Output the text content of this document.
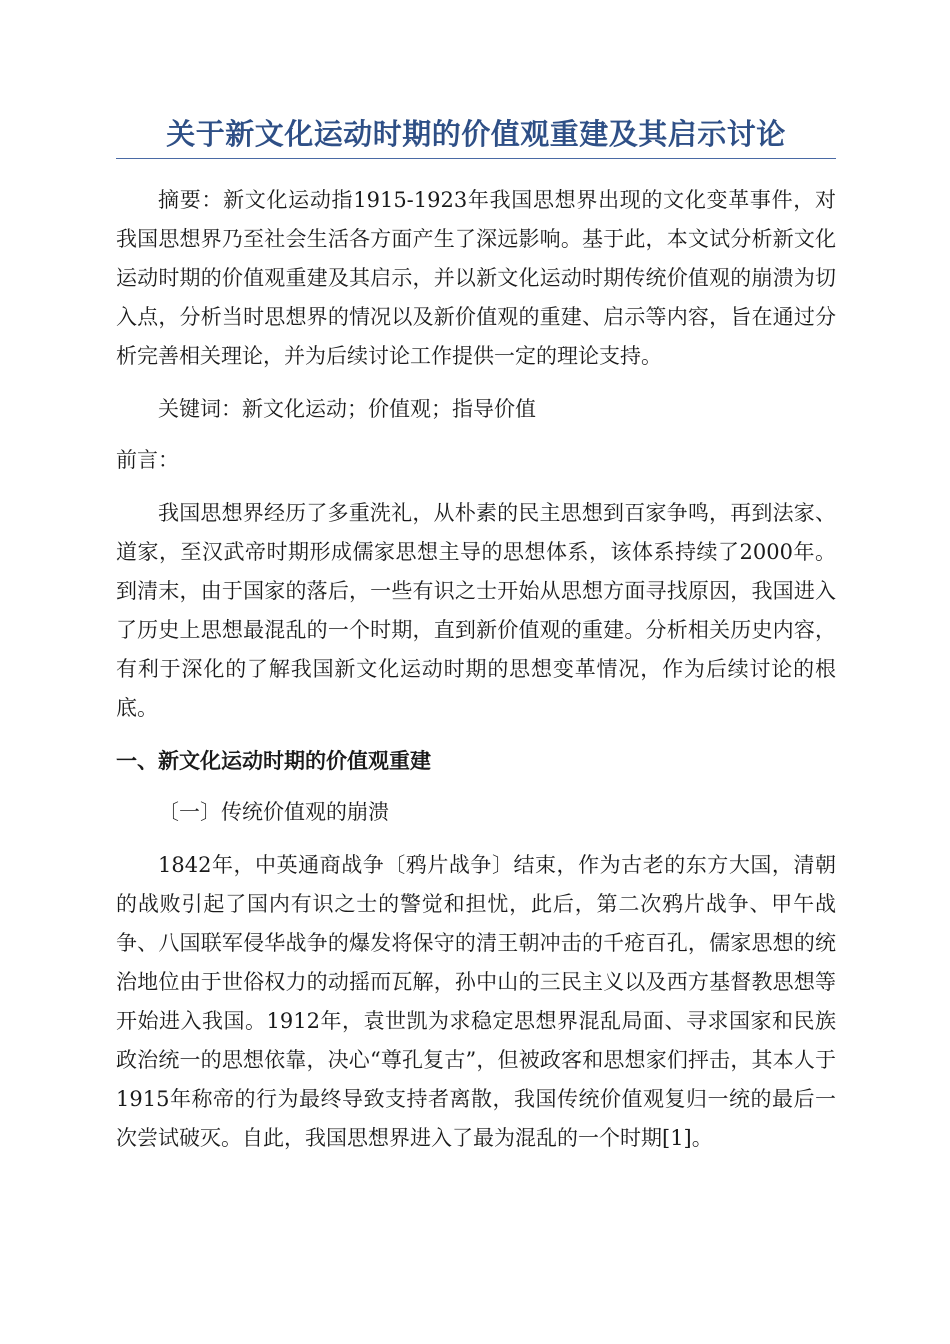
关于新文化运动时期的价值观重建及其启示讨论

摘要：新文化运动指1915-1923年我国思想界出现的文化变革事件，对我国思想界乃至社会生活各方面产生了深远影响。基于此，本文试分析新文化运动时期的价值观重建及其启示，并以新文化运动时期传统价值观的崩溃为切入点，分析当时思想界的情况以及新价值观的重建、启示等内容，旨在通过分析完善相关理论，并为后续讨论工作提供一定的理论支持。

关键词：新文化运动；价值观；指导价值

前言：

我国思想界经历了多重洗礼，从朴素的民主思想到百家争鸣，再到法家、道家，至汉武帝时期形成儒家思想主导的思想体系，该体系持续了2000年。到清末，由于国家的落后，一些有识之士开始从思想方面寻找原因，我国进入了历史上思想最混乱的一个时期，直到新价值观的重建。分析相关历史内容，有利于深化的了解我国新文化运动时期的思想变革情况，作为后续讨论的根底。

一、新文化运动时期的价值观重建

〔一〕传统价值观的崩溃

1842年，中英通商战争〔鸦片战争〕结束，作为古老的东方大国，清朝的战败引起了国内有识之士的警觉和担忧，此后，第二次鸦片战争、甲午战争、八国联军侵华战争的爆发将保守的清王朝冲击的千疮百孔，儒家思想的统治地位由于世俗权力的动摇而瓦解，孙中山的三民主义以及西方基督教思想等开始进入我国。1912年，袁世凯为求稳定思想界混乱局面、寻求国家和民族政治统一的思想依靠，决心“尊孔复古”，但被政客和思想家们抨击，其本人于1915年称帝的行为最终导致支持者离散，我国传统价值观复归一统的最后一次尝试破灭。自此，我国思想界进入了最为混乱的一个时期[1]。
